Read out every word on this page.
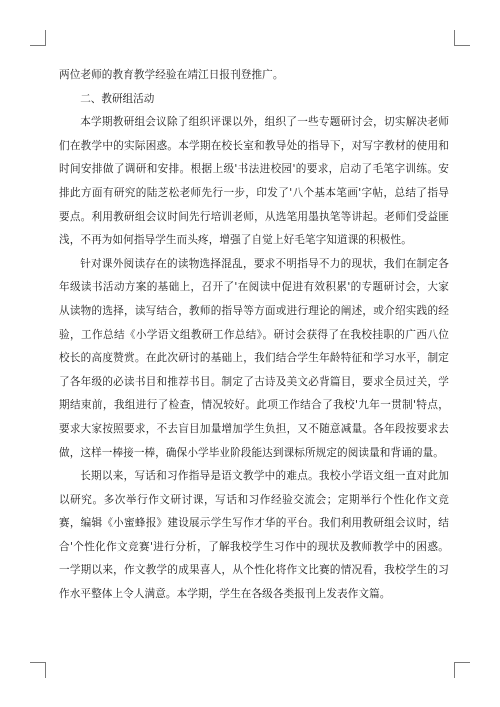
两位老师的教育教学经验在靖江日报刊登推广。

二、教研组活动

本学期教研组会议除了组织评课以外，组织了一些专题研讨会，切实解决老师们在教学中的实际困惑。本学期在校长室和教导处的指导下，对写字教材的使用和时间安排做了调研和安排。根据上级'书法进校园'的要求，启动了毛笔字训练。安排此方面有研究的陆芝松老师先行一步，印发了'八个基本笔画'字帖，总结了指导要点。利用教研组会议时间先行培训老师，从选笔用墨执笔等讲起。老师们受益匪浅，不再为如何指导学生而头疼，增强了自觉上好毛笔字知道课的积极性。

针对课外阅读存在的读物选择混乱，要求不明指导不力的现状，我们在制定各年级读书活动方案的基础上，召开了'在阅读中促进有效积累'的专题研讨会，大家从读物的选择，读写结合，教师的指导等方面或进行理论的阐述，或介绍实践的经验，工作总结《小学语文组教研工作总结》。研讨会获得了在我校挂职的广西八位校长的高度赞赏。在此次研讨的基础上，我们结合学生年龄特征和学习水平，制定了各年级的必读书目和推荐书目。制定了古诗及美文必背篇目，要求全员过关，学期结束前，我组进行了检查，情况较好。此项工作结合了我校'九年一贯制'特点，要求大家按照要求，不去盲目加量增加学生负担，又不随意减量。各年段按要求去做，这样一棒接一棒，确保小学毕业阶段能达到课标所规定的阅读量和背诵的量。

长期以来，写话和习作指导是语文教学中的难点。我校小学语文组一直对此加以研究。多次举行作文研讨课，写话和习作经验交流会；定期举行个性化作文竞赛，编辑《小蜜蜂报》建设展示学生写作才华的平台。我们利用教研组会议时，结合'个性化作文竞赛'进行分析，了解我校学生习作中的现状及教师教学中的困惑。一学期以来，作文教学的成果喜人，从个性化将作文比赛的情况看，我校学生的习作水平整体上令人满意。本学期，学生在各级各类报刊上发表作文篇。
